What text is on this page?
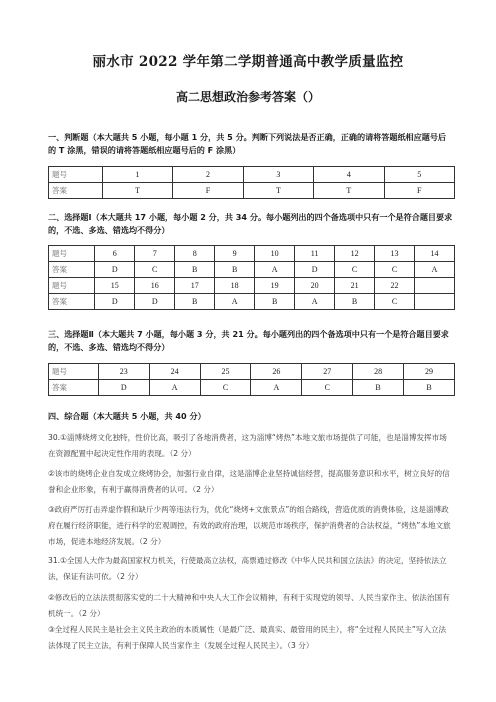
丽水市 2022 学年第二学期普通高中教学质量监控
高二思想政治参考答案（）
一、判断题（本大题共 5 小题，每小题 1 分，共 5 分。判断下列说法是否正确，正确的请将答题纸相应题号后的 T 涂黑，错误的请将答题纸相应题号后的 F 涂黑）
题号	1	2	3	4	5
答案	T	F	T	T	F
二、选择题Ⅰ（本大题共 17 小题，每小题 2 分，共 34 分。每小题列出的四个备选项中只有一个是符合题目要求的，不选、多选、错选均不得分）
题号	6	7	8	9	10	11	12	13	14
答案	D	C	B	B	A	D	C	C	A
题号	15	16	17	18	19	20	21	22	
答案	D	D	B	A	B	A	B	C	
三、选择题Ⅱ（本大题共 7 小题，每小题 3 分，共 21 分。每小题列出的四个备选项中只有一个是符合题目要求的，不选、多选、错选均不得分）
题号	23	24	25	26	27	28	29
答案	D	A	C	A	C	B	B
四、综合题（本大题共 5 小题，共 40 分）
30.①淄博烧烤文化独特，性价比高，吸引了各地消费者，这为淄博“烤热”本地文旅市场提供了可能，也是淄博发挥市场在资源配置中起决定性作用的表现。（2 分）
②该市的烧烤企业自发成立烧烤协会，加强行业自律，这是淄博企业坚持诚信经营，提高服务意识和水平，树立良好的信誉和企业形象，有利于赢得消费者的认可。（2 分）
③政府严厉打击弄虚作假和缺斤少两等违法行为，优化“烧烤+文旅景点”的组合路线，营造优质的消费体验，这是淄博政府在履行经济职能，进行科学的宏观调控，有效的政府治理，以规范市场秩序，保护消费者的合法权益，“烤热”本地文旅市场，促进本地经济发展。（2 分）
31.①全国人大作为最高国家权力机关，行使最高立法权，高票通过修改《中华人民共和国立法法》的决定，坚持依法立法，保证有法可依。（2 分）
②修改后的立法法贯彻落实党的二十大精神和中央人大工作会议精神，有利于实现党的领导、人民当家作主、依法治国有机统一。（2 分）
③全过程人民民主是社会主义民主政治的本质属性（是最广泛、最真实、最管用的民主），将“全过程人民民主”写入立法法体现了民主立法，有利于保障人民当家作主（发展全过程人民民主）。（3 分）
